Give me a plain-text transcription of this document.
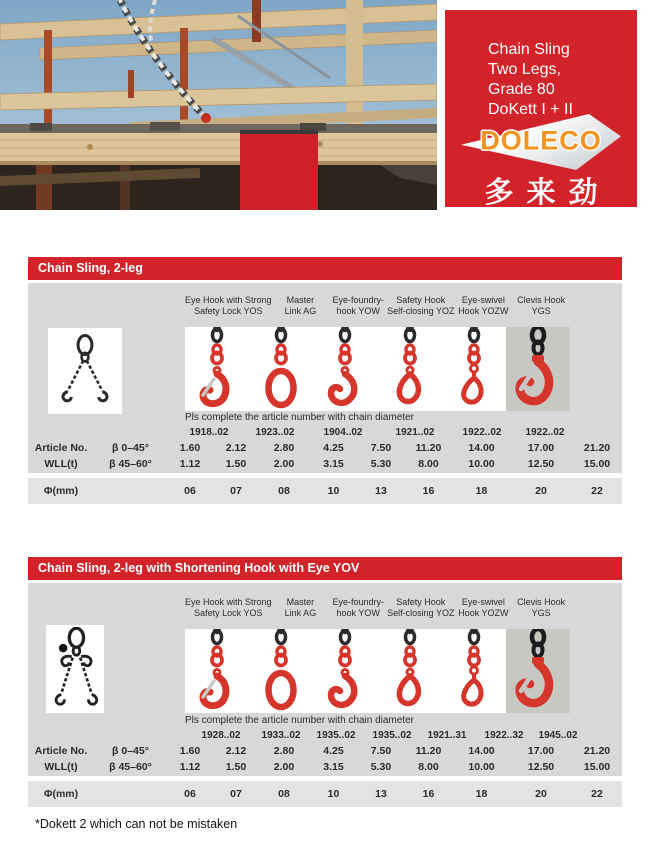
Chain Sling
Two Legs,
Grade 80
DoKett I + II
DOLECO
多来劲
Chain Sling, 2-leg
Eye Hook with Strong
Safety Lock YOS
Master
Link AG
Eye-foundry-
hook YOW
Safety Hook
Self-closing YOZ
Eye-swivel
Hook YOZW
Clevis Hook
YGS
Pls complete the article number with chain diameter
1918..02	1923..02	1904..02	1921..02	1922..02 1922..02
Article No.	β 0–45°	1.60	2.12	2.80	4.25	7.50	11.20	14.00	17.00	21.20
WLL(t)	β 45–60°	1.12	1.50	2.00	3.15	5.30	8.00	10.00	12.50	15.00
Φ(mm)	06	07	08	10	13	16	18	20	22
Chain Sling, 2-leg with Shortening Hook with Eye YOV
Eye Hook with Strong
Safety Lock YOS
Master
Link AG
Eye-foundry-
hook YOW
Safety Hook
Self-closing YOZ
Eye-swivel
Hook YOZW
Clevis Hook
YGS
Pls complete the article number with chain diameter
1928..02 1933..02 1935..02 1935..02 1921..31 1922..32 1945..02
Article No.	β 0–45°	1.60	2.12	2.80	4.25	7.50	11.20	14.00	17.00	21.20
WLL(t)	β 45–60°	1.12	1.50	2.00	3.15	5.30	8.00	10.00	12.50	15.00
Φ(mm)	06	07	08	10	13	16	18	20	22
*Dokett 2 which can not be mistaken
